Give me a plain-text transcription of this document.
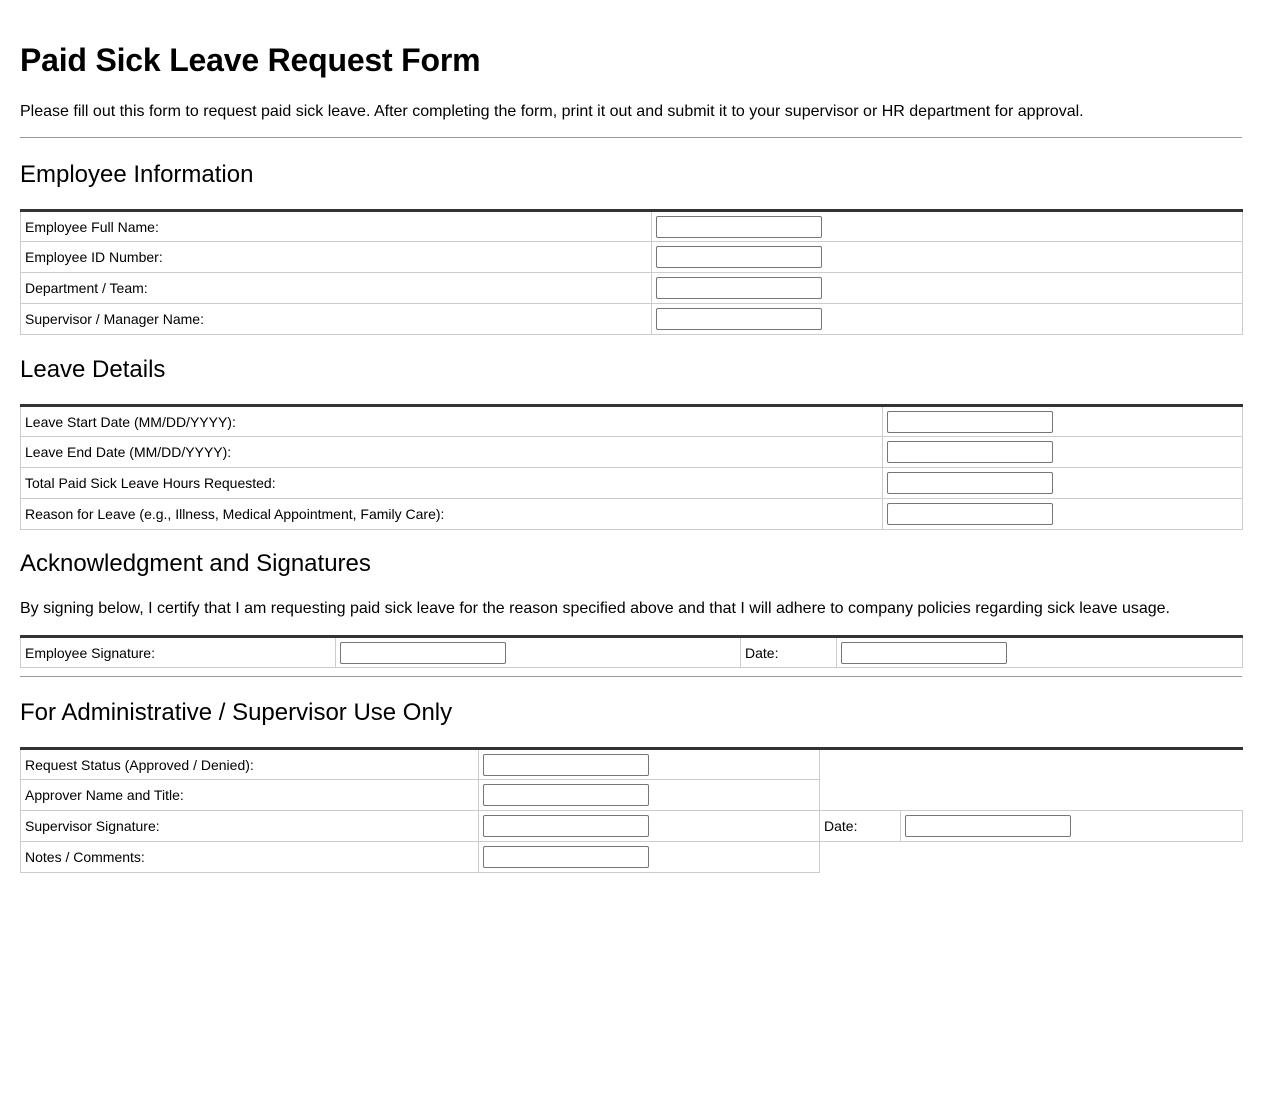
Paid Sick Leave Request Form

Please fill out this form to request paid sick leave. After completing the form, print it out and submit it to your supervisor or HR department for approval.

Employee Information
Employee Full Name:	

Employee ID Number:	

Department / Team:	

Supervisor / Manager Name:	
Leave Details
Leave Start Date (MM/DD/YYYY):	

Leave End Date (MM/DD/YYYY):	

Total Paid Sick Leave Hours Requested:	

Reason for Leave (e.g., Illness, Medical Appointment, Family Care):	
Acknowledgment and Signatures

By signing below, I certify that I am requesting paid sick leave for the reason specified above and that I will adhere to company policies regarding sick leave usage.

Employee Signature:		Date:	
For Administrative / Supervisor Use Only
Request Status (Approved / Denied):	

Approver Name and Title:	

Supervisor Signature:		Date:	

Notes / Comments:	
